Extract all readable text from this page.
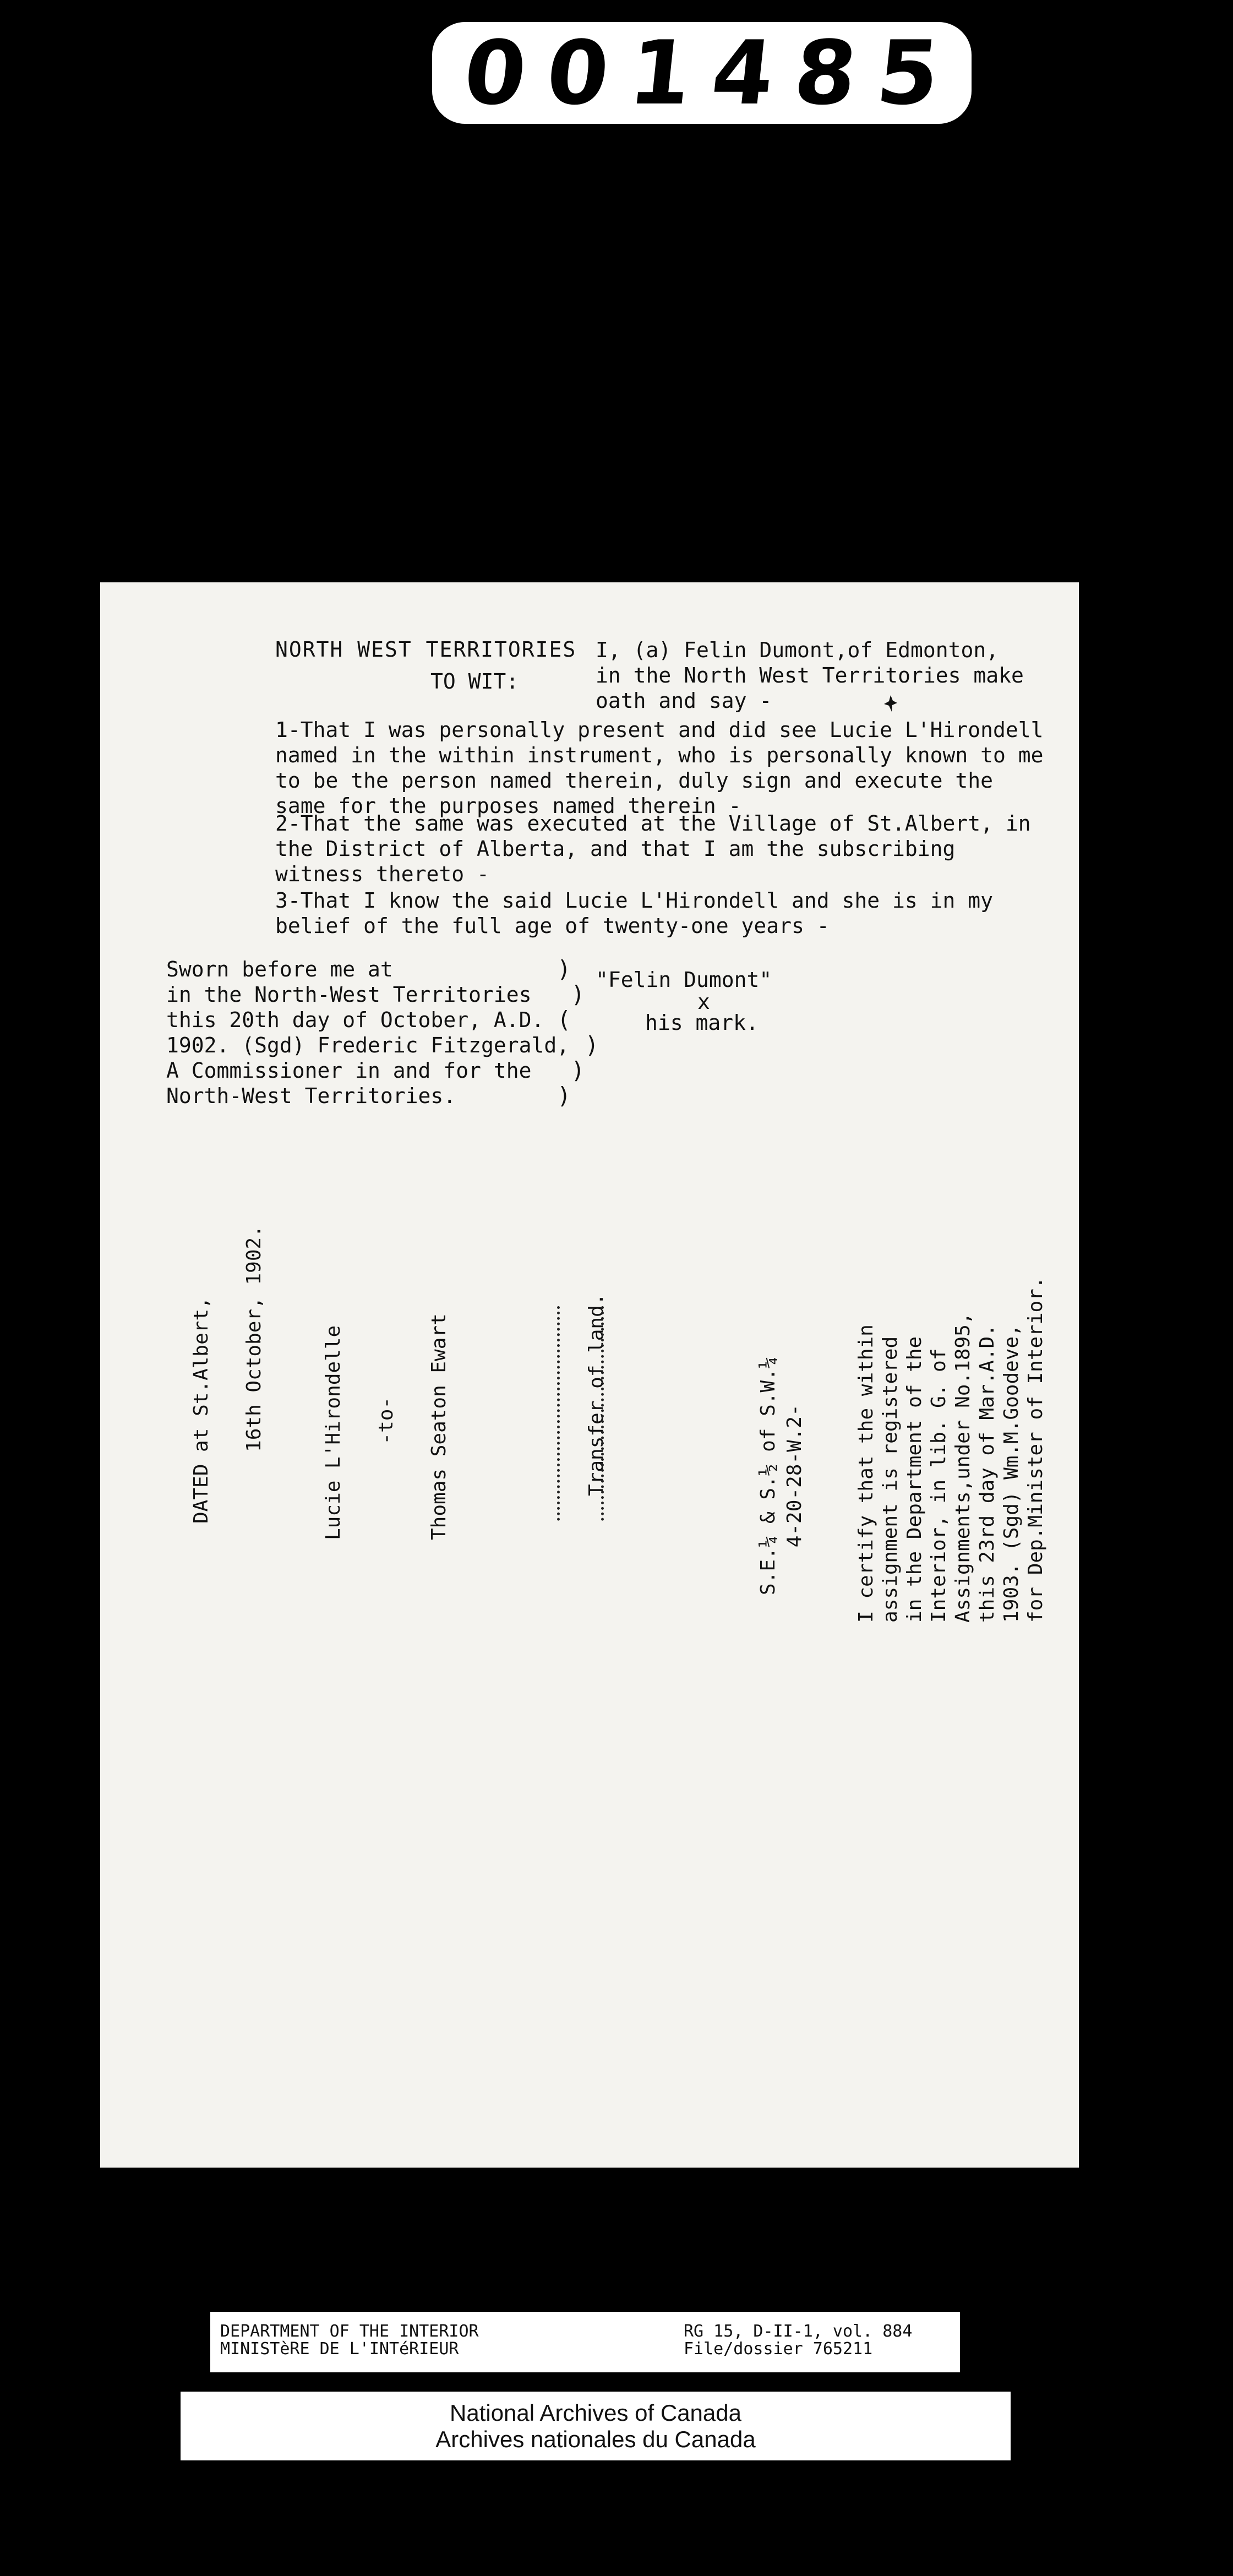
0 0 1 4 8 5

NORTH WEST TERRITORIES

TO WIT:

I, (a) Felin Dumont,of Edmonton,
in the North West Territories make
oath and say -

1-That I was personally present and did see Lucie L'Hirondell
named in the within instrument, who is personally known to me
to be the person named therein, duly sign and execute the
same for the purposes named therein -

2-That the same was executed at the Village of St.Albert, in
the District of Alberta, and that I am the subscribing
witness thereto -

3-That I know the said Lucie L'Hirondell and she is in my
belief of the full age of twenty-one years -

Sworn before me at
in the North-West Territories
this 20th day of October, A.D.
1902. (Sgd) Frederic Fitzgerald,
A Commissioner in and for the
North-West Territories.

)
)
(
)
)
)

"Felin Dumont"

x

his mark.

DATED at St.Albert,

16th October, 1902.

Lucie L'Hirondelle

-to-

Thomas Seaton Ewart	Transfer of land.

S.E.¼ & S.½ of S.W.¼
4-20-28-W.2-

I certify that the within
assignment is registered
in the Department of the
Interior, in lib. G. of
Assignments,under No.1895,
this 23rd day of Mar.A.D.
1903. (Sgd) Wm.M.Goodeve,
for Dep.Minister of Interior.

DEPARTMENT OF THE INTERIOR

MINISTèRE DE L'INTéRIEUR

RG 15, D-II-1, vol. 884

File/dossier 765211

National Archives of Canada
Archives nationales du Canada
